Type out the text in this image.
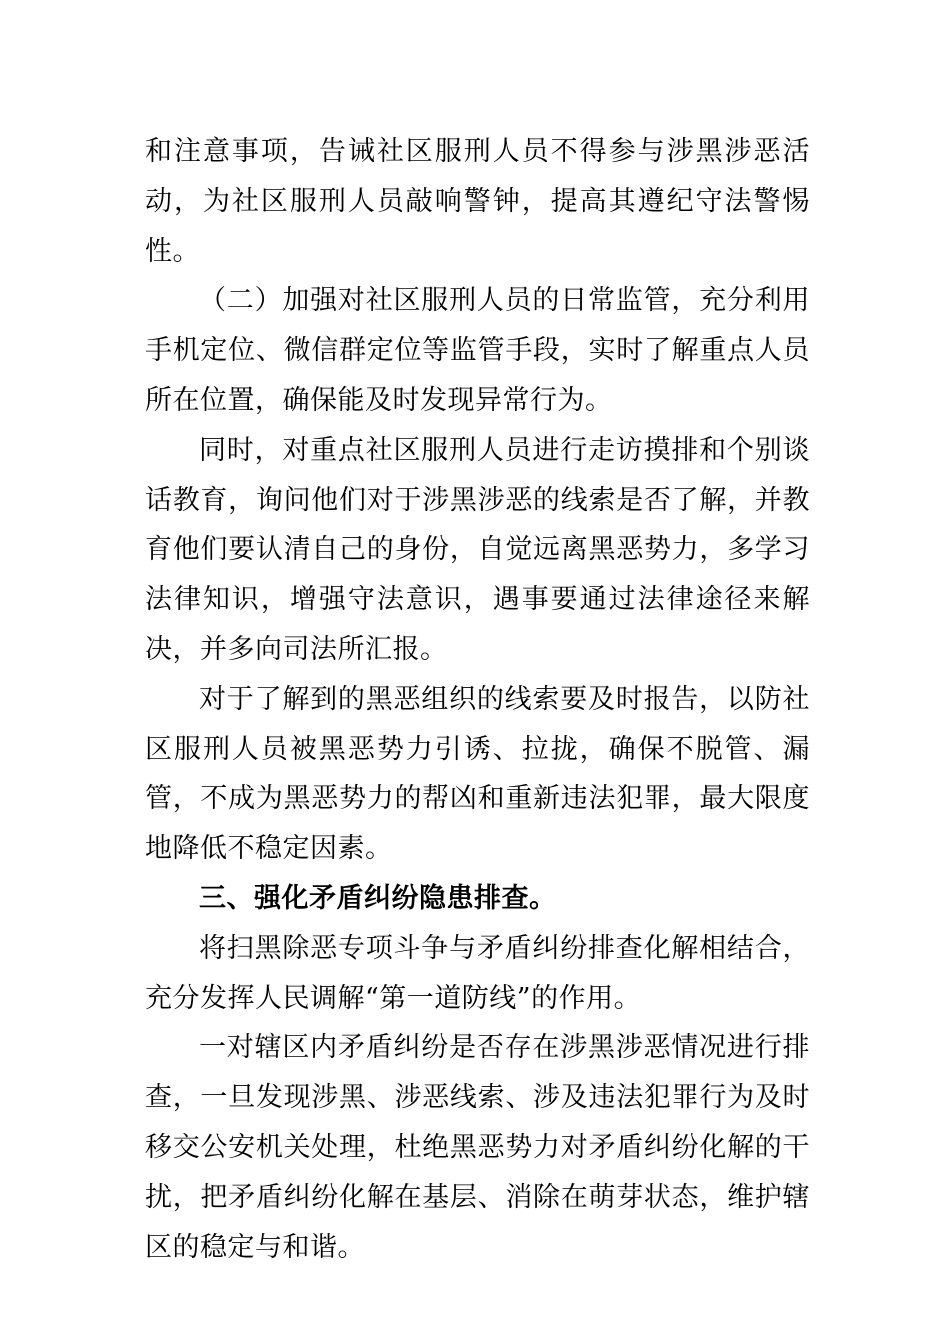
和注意事项，告诫社区服刑人员不得参与涉黑涉恶活动，为社区服刑人员敲响警钟，提高其遵纪守法警惕性。

（二）加强对社区服刑人员的日常监管，充分利用手机定位、微信群定位等监管手段，实时了解重点人员所在位置，确保能及时发现异常行为。

同时，对重点社区服刑人员进行走访摸排和个别谈话教育，询问他们对于涉黑涉恶的线索是否了解，并教育他们要认清自己的身份，自觉远离黑恶势力，多学习法律知识，增强守法意识，遇事要通过法律途径来解决，并多向司法所汇报。

对于了解到的黑恶组织的线索要及时报告，以防社区服刑人员被黑恶势力引诱、拉拢，确保不脱管、漏管，不成为黑恶势力的帮凶和重新违法犯罪，最大限度地降低不稳定因素。

三、强化矛盾纠纷隐患排查。

将扫黑除恶专项斗争与矛盾纠纷排查化解相结合，充分发挥人民调解“第一道防线”的作用。

一对辖区内矛盾纠纷是否存在涉黑涉恶情况进行排查，一旦发现涉黑、涉恶线索、涉及违法犯罪行为及时移交公安机关处理，杜绝黑恶势力对矛盾纠纷化解的干扰，把矛盾纠纷化解在基层、消除在萌芽状态，维护辖区的稳定与和谐。
